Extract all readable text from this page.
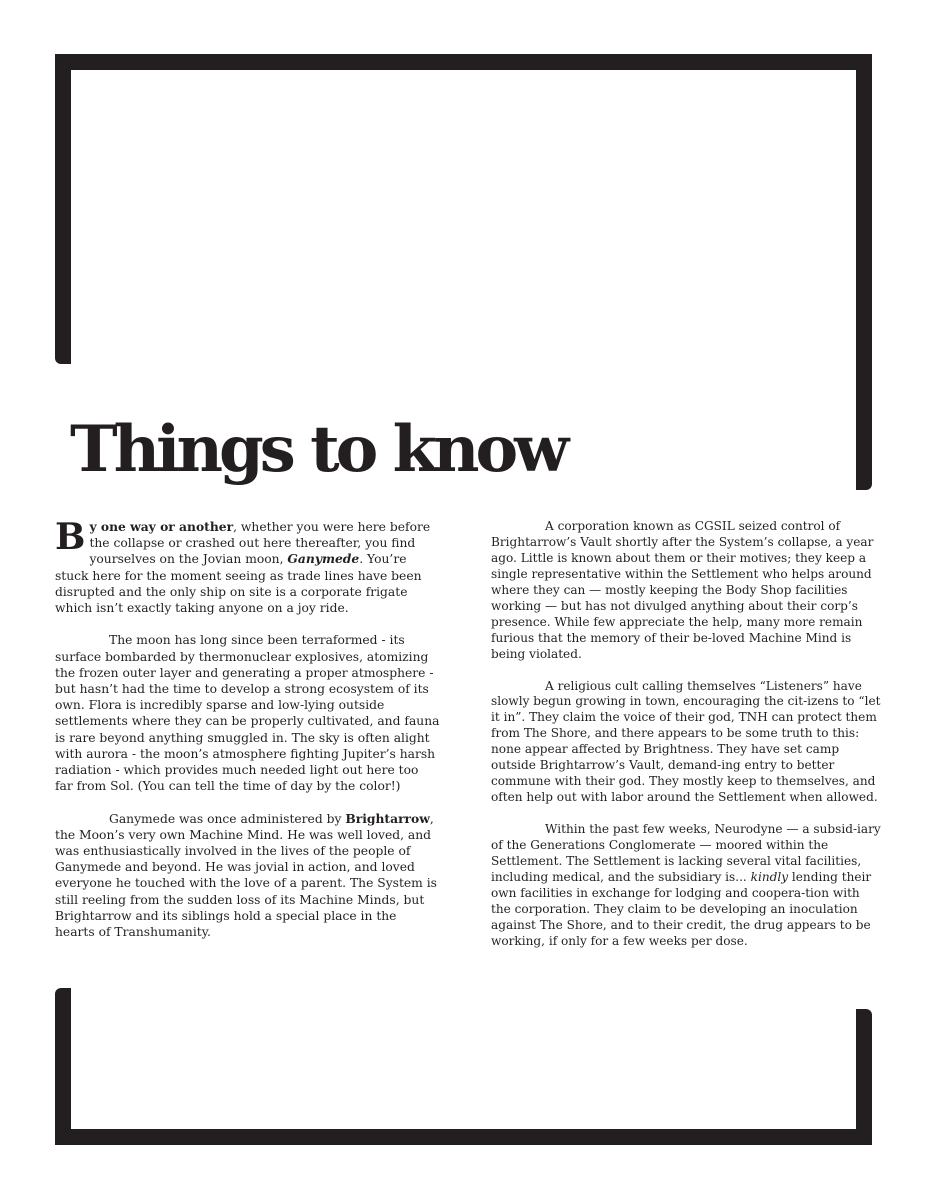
Things to know

By one way or another, whether you were here before the collapse or crashed out here thereafter, you find yourselves on the Jovian moon, Ganymede. You’re stuck here for the moment seeing as trade lines have been disrupted and the only ship on site is a corporate frigate which isn’t exactly taking anyone on a joy ride.

The moon has long since been terraformed - its surface bombarded by thermonuclear explosives, atomizing the frozen outer layer and generating a proper atmosphere - but hasn’t had the time to develop a strong ecosystem of its own. Flora is incredibly sparse and low-lying outside settlements where they can be properly cultivated, and fauna is rare beyond anything smuggled in. The sky is often alight with aurora - the moon’s atmosphere fighting Jupiter’s harsh radiation - which provides much needed light out here too far from Sol. (You can tell the time of day by the color!)

Ganymede was once administered by Brightarrow, the Moon’s very own Machine Mind. He was well loved, and was enthusiastically involved in the lives of the people of Ganymede and beyond. He was jovial in action, and loved everyone he touched with the love of a parent. The System is still reeling from the sudden loss of its Machine Minds, but Brightarrow and its siblings hold a special place in the hearts of Transhumanity.

A corporation known as CGSIL seized control of Brightarrow’s Vault shortly after the System’s collapse, a year ago. Little is known about them or their motives; they keep a single representative within the Settlement who helps around where they can — mostly keeping the Body Shop facilities working — but has not divulged anything about their corp’s presence. While few appreciate the help, many more remain furious that the memory of their be-loved Machine Mind is being violated.

A religious cult calling themselves “Listeners” have slowly begun growing in town, encouraging the cit-izens to “let it in”. They claim the voice of their god, TNH can protect them from The Shore, and there appears to be some truth to this: none appear affected by Brightness. They have set camp outside Brightarrow’s Vault, demand-ing entry to better commune with their god. They mostly keep to themselves, and often help out with labor around the Settlement when allowed.

Within the past few weeks, Neurodyne — a subsid-iary of the Generations Conglomerate — moored within the Settlement. The Settlement is lacking several vital facilities, including medical, and the subsidiary is... kindly lending their own facilities in exchange for lodging and coopera-tion with the corporation. They claim to be developing an inoculation against The Shore, and to their credit, the drug appears to be working, if only for a few weeks per dose.
